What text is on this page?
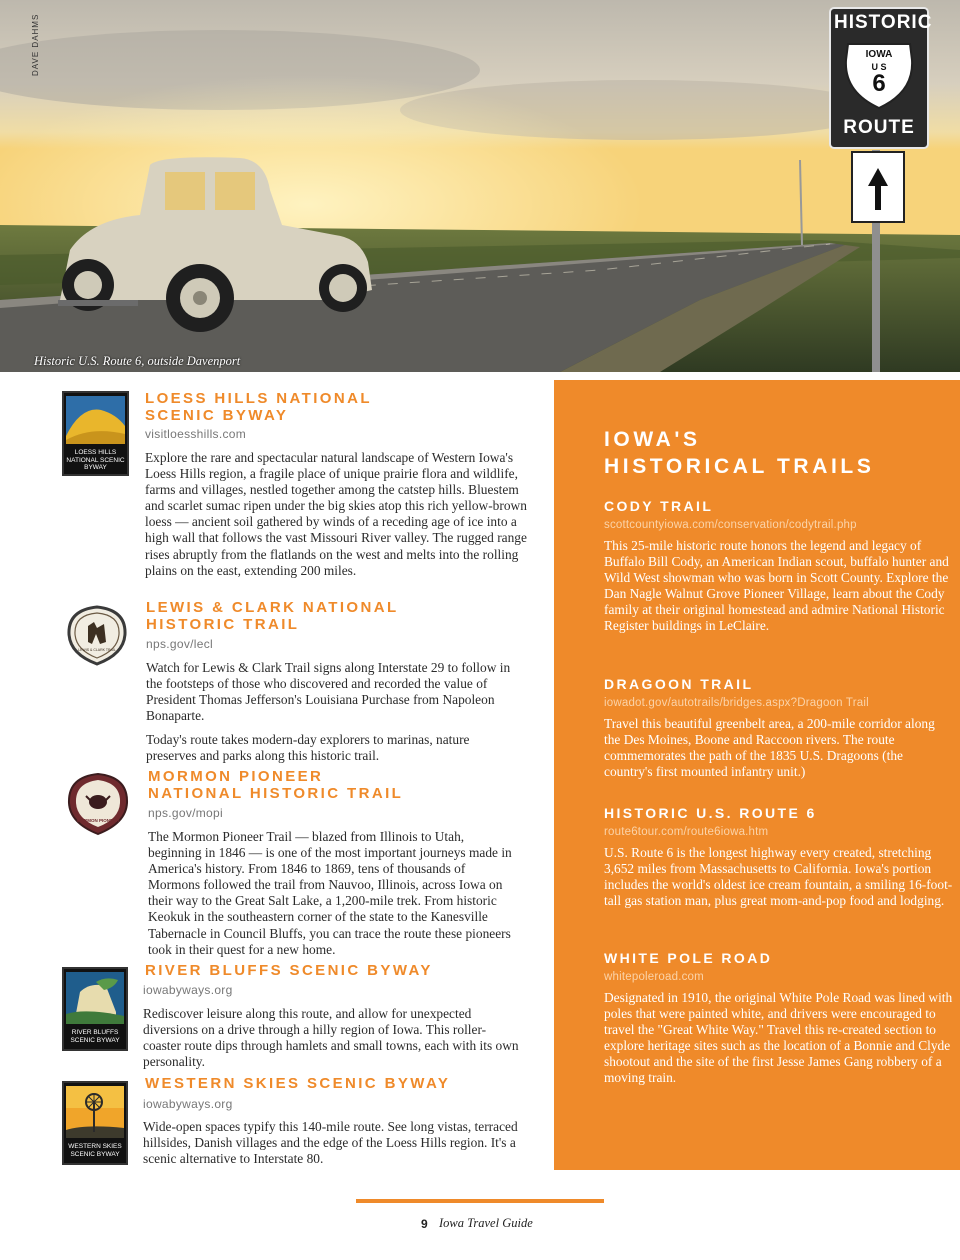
DAVE DAHMS	HISTORIC
IOWA
U S
6
ROUTE
Historic U.S. Route 6, outside Davenport
LOESS HILLS NATIONAL SCENIC BYWAY
LOESS HILLS NATIONAL SCENIC BYWAY
visitloesshills.com

Explore the rare and spectacular natural landscape of Western Iowa's Loess Hills region, a fragile place of unique prairie flora and wildlife, farms and villages, nestled together among the catstep hills. Bluestem and scarlet sumac ripen under the big skies atop this rich yellow-brown loess — ancient soil gathered by winds of a receding age of ice into a high wall that follows the vast Missouri River valley. The rugged range rises abruptly from the flatlands on the west and melts into the rolling plains on the east, extending 200 miles.

LEWIS & CLARK TRAIL
LEWIS & CLARK NATIONAL HISTORIC TRAIL
nps.gov/lecl

Watch for Lewis & Clark Trail signs along Interstate 29 to follow in the footsteps of those who discovered and recorded the value of President Thomas Jefferson's Louisiana Purchase from Napoleon Bonaparte.

Today's route takes modern-day explorers to marinas, nature preserves and parks along this historic trail.

MORMON PIONEER
MORMON PIONEER NATIONAL HISTORIC TRAIL
nps.gov/mopi

The Mormon Pioneer Trail — blazed from Illinois to Utah, beginning in 1846 — is one of the most important journeys made in America's history. From 1846 to 1869, tens of thousands of Mormons followed the trail from Nauvoo, Illinois, across Iowa on their way to the Great Salt Lake, a 1,200-mile trek. From historic Keokuk in the southeastern corner of the state to the Kanesville Tabernacle in Council Bluffs, you can trace the route these pioneers took in their quest for a new home.

RIVER BLUFFS SCENIC BYWAY
RIVER BLUFFS SCENIC BYWAY
iowabyways.org

Rediscover leisure along this route, and allow for unexpected diversions on a drive through a hilly region of Iowa. This roller-coaster route dips through hamlets and small towns, each with its own personality.

WESTERN SKIES SCENIC BYWAY
WESTERN SKIES SCENIC BYWAY
iowabyways.org

Wide-open spaces typify this 140-mile route. See long vistas, terraced hillsides, Danish villages and the edge of the Loess Hills region. It's a scenic alternative to Interstate 80.

IOWA'S
HISTORICAL TRAILS
CODY TRAIL
scottcountyiowa.com/conservation/codytrail.php
This 25-mile historic route honors the legend and legacy of Buffalo Bill Cody, an American Indian scout, buffalo hunter and Wild West showman who was born in Scott County. Explore the Dan Nagle Walnut Grove Pioneer Village, learn about the Cody family at their original homestead and admire National Historic Register buildings in LeClaire.
DRAGOON TRAIL
iowadot.gov/autotrails/bridges.aspx?Dragoon Trail
Travel this beautiful greenbelt area, a 200-mile corridor along the Des Moines, Boone and Raccoon rivers. The route commemorates the path of the 1835 U.S. Dragoons (the country's first mounted infantry unit.)
HISTORIC U.S. ROUTE 6
route6tour.com/route6iowa.htm
U.S. Route 6 is the longest highway every created, stretching 3,652 miles from Massachusetts to California. Iowa's portion includes the world's oldest ice cream fountain, a smiling 16-foot-tall gas station man, plus great mom-and-pop food and lodging.
WHITE POLE ROAD
whitepoleroad.com
Designated in 1910, the original White Pole Road was lined with poles that were painted white, and drivers were encouraged to travel the "Great White Way." Travel this re-created section to explore heritage sites such as the location of a Bonnie and Clyde shootout and the site of the first Jesse James Gang robbery of a moving train.
9 Iowa Travel Guide
